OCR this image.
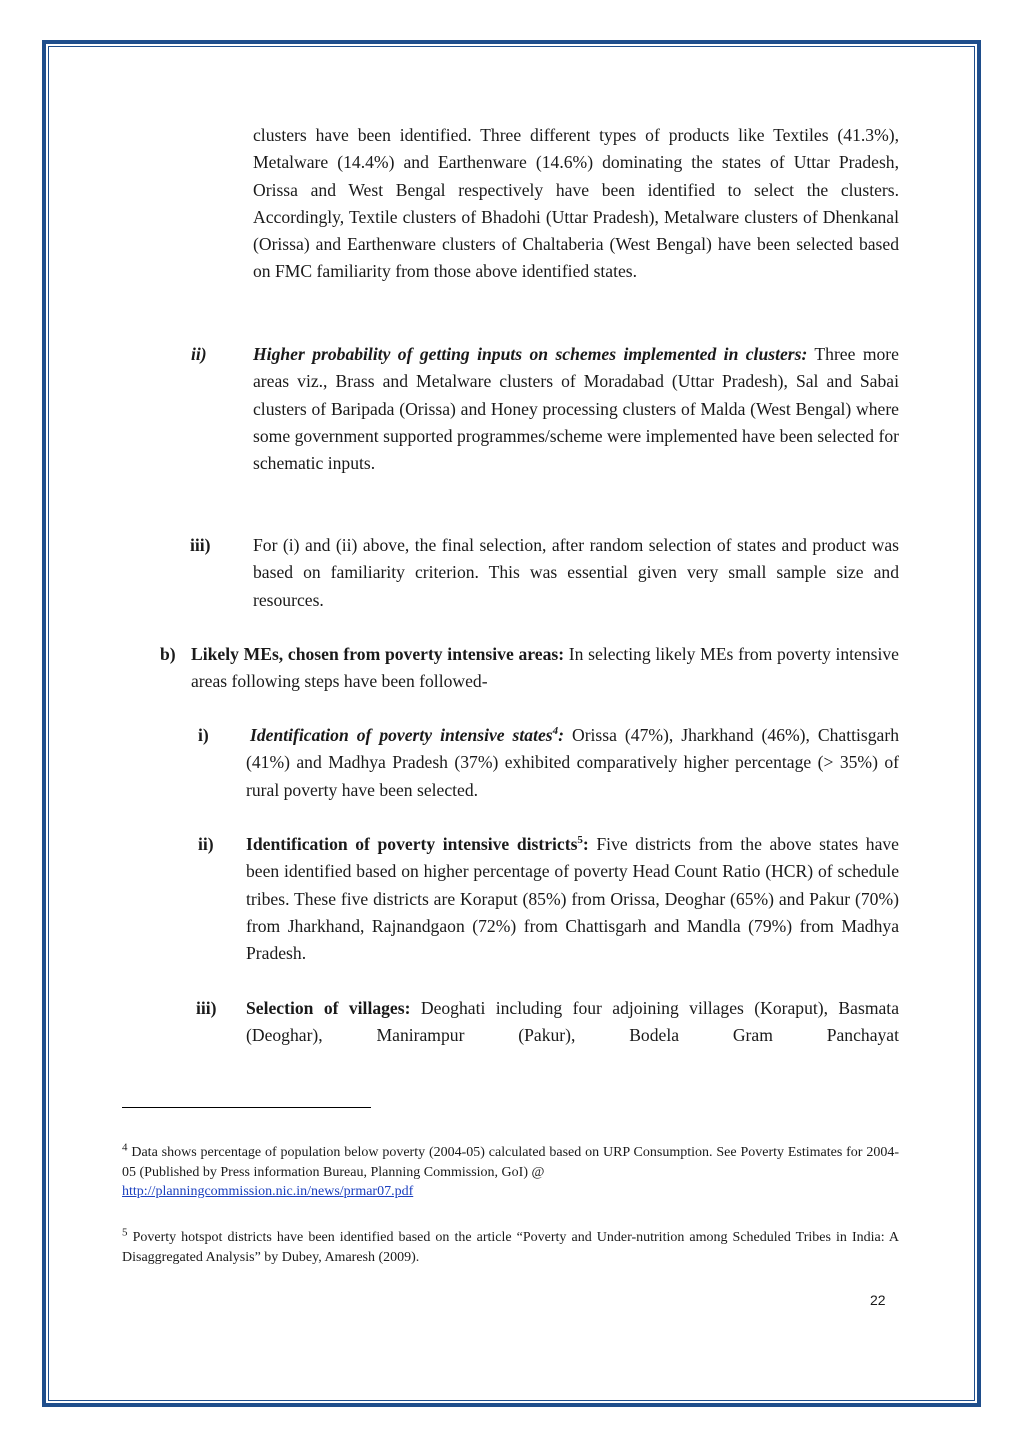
clusters have been identified. Three different types of products like Textiles (41.3%), Metalware (14.4%) and Earthenware (14.6%) dominating the states of Uttar Pradesh, Orissa and West Bengal respectively have been identified to select the clusters. Accordingly, Textile clusters of Bhadohi (Uttar Pradesh), Metalware clusters of Dhenkanal (Orissa) and Earthenware clusters of Chaltaberia (West Bengal) have been selected based on FMC familiarity from those above identified states.

ii)	Higher probability of getting inputs on schemes implemented in clusters: Three more areas viz., Brass and Metalware clusters of Moradabad (Uttar Pradesh), Sal and Sabai clusters of Baripada (Orissa) and Honey processing clusters of Malda (West Bengal) where some government supported programmes/scheme were implemented have been selected for schematic inputs.

iii) For (i) and (ii) above, the final selection, after random selection of states and product was based on familiarity criterion. This was essential given very small sample size and resources.

b) Likely MEs, chosen from poverty intensive areas: In selecting likely MEs from poverty intensive areas following steps have been followed-

i) Identification of poverty intensive states$^4$: Orissa (47%), Jharkhand (46%), Chattisgarh (41%) and Madhya Pradesh (37%) exhibited comparatively higher percentage (> 35%) of rural poverty have been selected.

ii) Identification of poverty intensive districts$^5$: Five districts from the above states have been identified based on higher percentage of poverty Head Count Ratio (HCR) of schedule tribes. These five districts are Koraput (85%) from Orissa, Deoghar (65%) and Pakur (70%) from Jharkhand, Rajnandgaon (72%) from Chattisgarh and Mandla (79%) from Madhya Pradesh.

iii) Selection of villages: Deoghati including four adjoining villages (Koraput), Basmata (Deoghar), Manirampur (Pakur), Bodela Gram Panchayat

$^4$ Data shows percentage of population below poverty (2004-05) calculated based on URP Consumption. See Poverty Estimates for 2004-05 (Published by Press information Bureau, Planning Commission, GoI) @
http://planningcommission.nic.in/news/prmar07.pdf

$^5$ Poverty hotspot districts have been identified based on the article “Poverty and Under-nutrition among Scheduled Tribes in India: A Disaggregated Analysis” by Dubey, Amaresh (2009).

22
